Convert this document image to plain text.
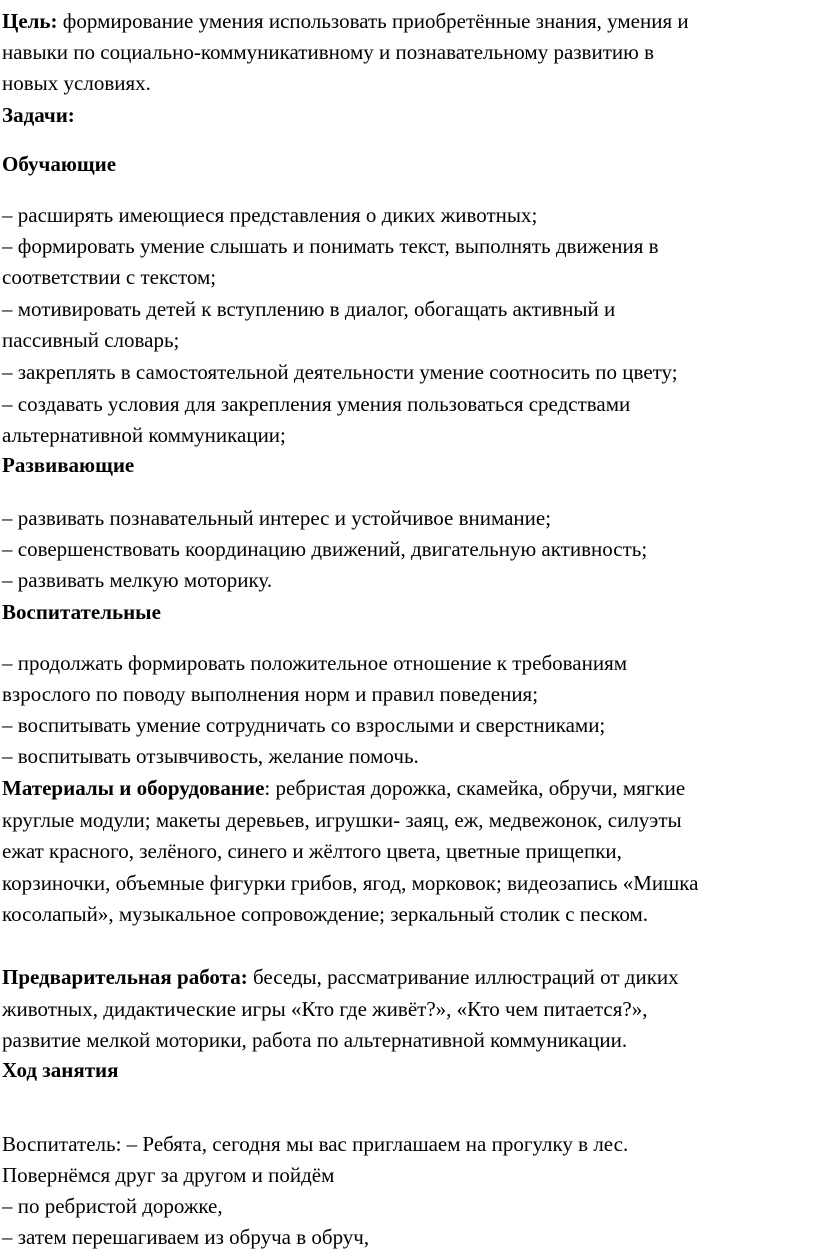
Цель: формирование умения использовать приобретённые знания, умения и
навыки по социально-коммуникативному и познавательному развитию в
новых условиях.
Задачи:
Обучающие
– расширять имеющиеся представления о диких животных;
– формировать умение слышать и понимать текст, выполнять движения в
соответствии с текстом;
– мотивировать детей к вступлению в диалог, обогащать активный и
пассивный словарь;
– закреплять в самостоятельной деятельности умение соотносить по цвету;
– создавать условия для закрепления умения пользоваться средствами
альтернативной коммуникации;
Развивающие
– развивать познавательный интерес и устойчивое внимание;
– совершенствовать координацию движений, двигательную активность;
– развивать мелкую моторику.
Воспитательные
– продолжать формировать положительное отношение к требованиям
взрослого по поводу выполнения норм и правил поведения;
– воспитывать умение сотрудничать со взрослыми и сверстниками;
– воспитывать отзывчивость, желание помочь.
Материалы и оборудование: ребристая дорожка, скамейка, обручи, мягкие
круглые модули; макеты деревьев, игрушки- заяц, еж, медвежонок, силуэты
ежат красного, зелёного, синего и жёлтого цвета, цветные прищепки,
корзиночки, объемные фигурки грибов, ягод, морковок; видеозапись «Мишка
косолапый», музыкальное сопровождение; зеркальный столик с песком.
Предварительная работа: беседы, рассматривание иллюстраций от диких
животных, дидактические игры «Кто где живёт?», «Кто чем питается?»,
развитие мелкой моторики, работа по альтернативной коммуникации.
Ход занятия
Воспитатель: – Ребята, сегодня мы вас приглашаем на прогулку в лес.
Повернёмся друг за другом и пойдём
– по ребристой дорожке,
– затем перешагиваем из обруча в обруч,
